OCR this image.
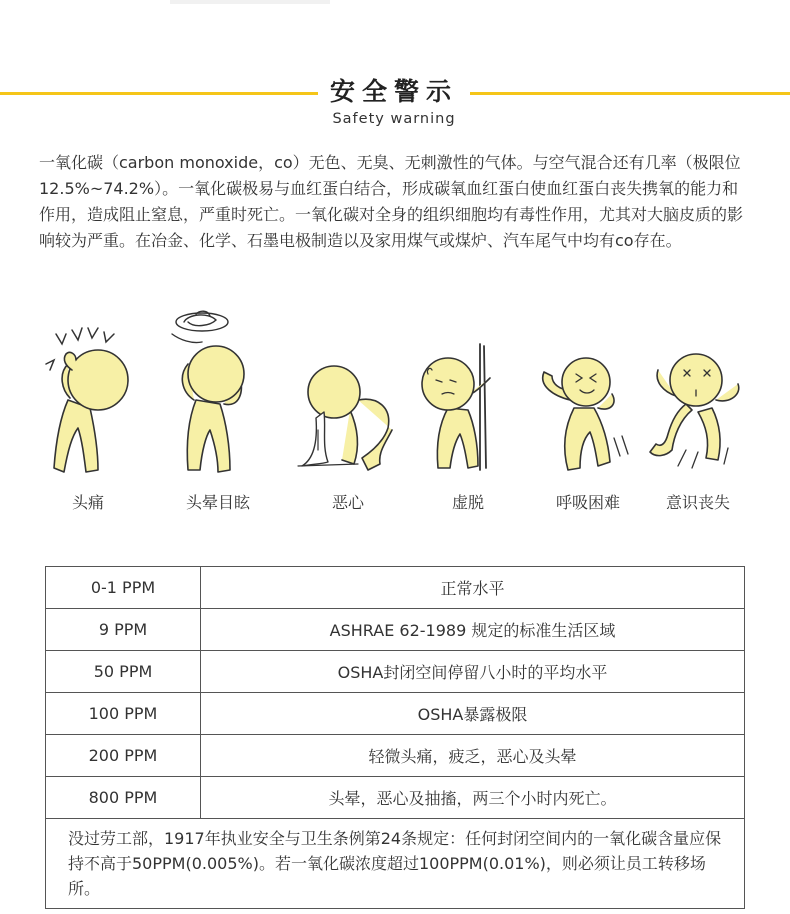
安全警示
Safety warning

一氧化碳（carbon monoxide，co）无色、无臭、无刺激性的气体。与空气混合还有几率（极限位12.5%~74.2%）。一氧化碳极易与血红蛋白结合，形成碳氧血红蛋白使血红蛋白丧失携氧的能力和作用，造成阻止窒息，严重时死亡。一氧化碳对全身的组织细胞均有毒性作用，尤其对大脑皮质的影响较为严重。在冶金、化学、石墨电极制造以及家用煤气或煤炉、汽车尾气中均有co存在。

头痛	头晕目眩	恶心	虚脱	呼吸困难	意识丧失
0-1 PPM	正常水平
9 PPM	ASHRAE 62-1989 规定的标准生活区域
50 PPM	OSHA封闭空间停留八小时的平均水平
100 PPM	OSHA暴露极限
200 PPM	轻微头痛，疲乏，恶心及头晕
800 PPM	头晕，恶心及抽搐，两三个小时内死亡。
没过劳工部，1917年执业安全与卫生条例第24条规定：任何封闭空间内的一氧化碳含量应保持不高于50PPM(0.005%)。若一氧化碳浓度超过100PPM(0.01%)，则必须让员工转移场所。	
